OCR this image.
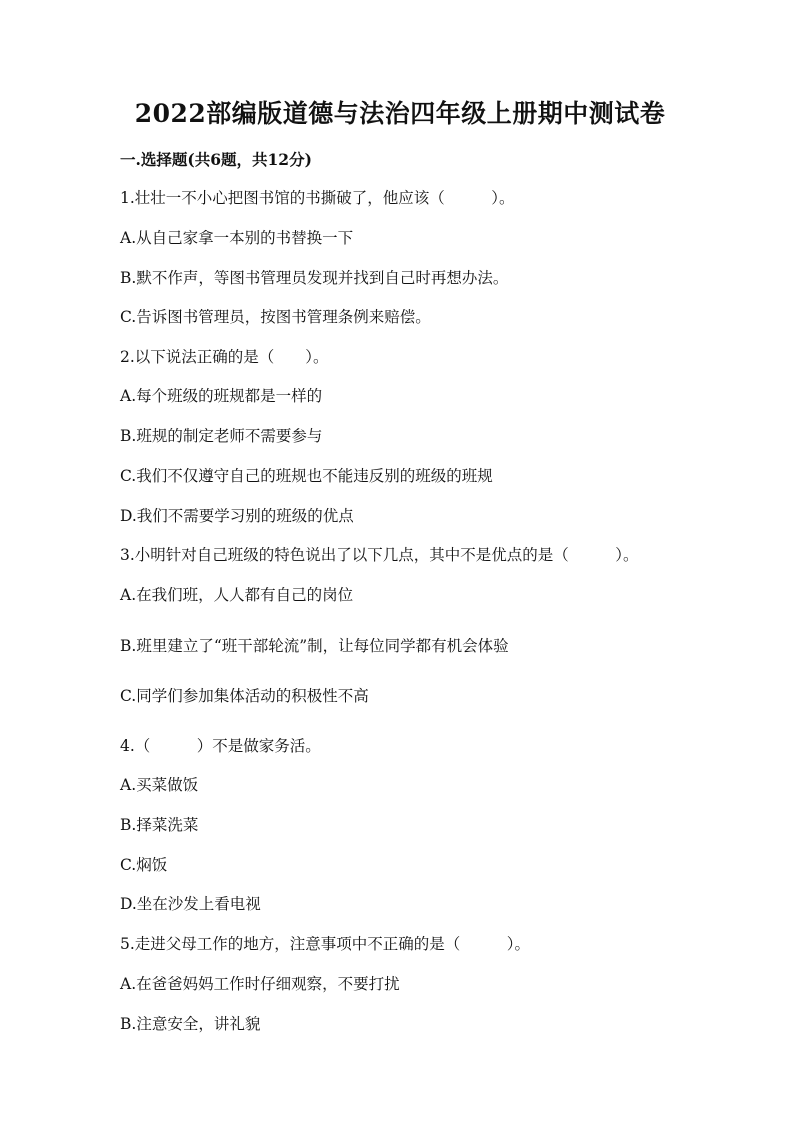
2022部编版道德与法治四年级上册期中测试卷
一.选择题(共6题，共12分)
1.壮壮一不小心把图书馆的书撕破了，他应该（　　　）。
A.从自己家拿一本别的书替换一下
B.默不作声，等图书管理员发现并找到自己时再想办法。
C.告诉图书管理员，按图书管理条例来赔偿。
2.以下说法正确的是（　　）。
A.每个班级的班规都是一样的
B.班规的制定老师不需要参与
C.我们不仅遵守自己的班规也不能违反别的班级的班规
D.我们不需要学习别的班级的优点
3.小明针对自己班级的特色说出了以下几点，其中不是优点的是（　　　）。
A.在我们班，人人都有自己的岗位
B.班里建立了“班干部轮流”制，让每位同学都有机会体验
C.同学们参加集体活动的积极性不高
4.（　　　）不是做家务活。
A.买菜做饭
B.择菜洗菜
C.焖饭
D.坐在沙发上看电视
5.走进父母工作的地方，注意事项中不正确的是（　　　）。
A.在爸爸妈妈工作时仔细观察，不要打扰
B.注意安全，讲礼貌
